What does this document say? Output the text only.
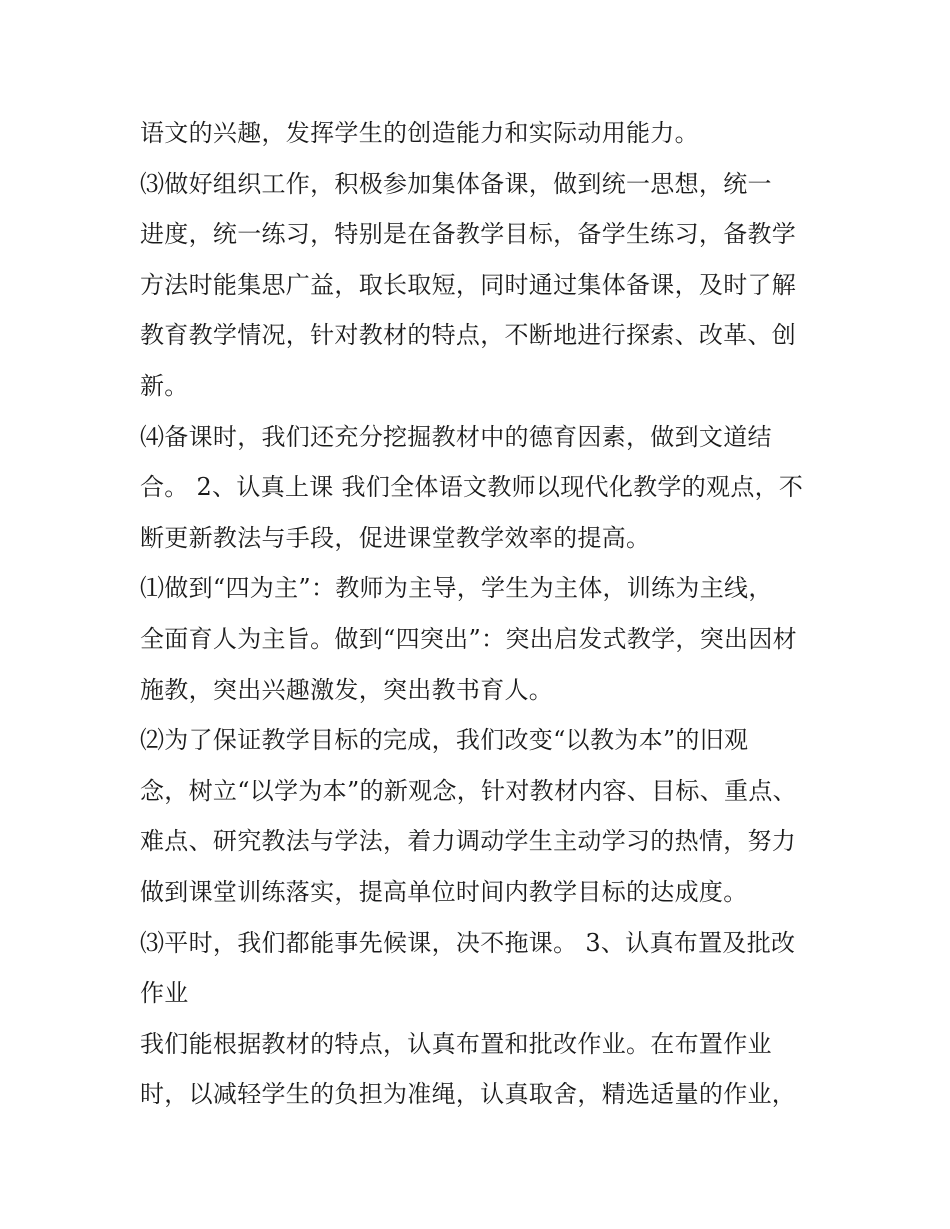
语文的兴趣，发挥学生的创造能力和实际动用能力。
⑶做好组织工作，积极参加集体备课，做到统一思想，统一
进度，统一练习，特别是在备教学目标，备学生练习，备教学
方法时能集思广益，取长取短，同时通过集体备课，及时了解
教育教学情况，针对教材的特点，不断地进行探索、改革、创
新。
⑷备课时，我们还充分挖掘教材中的德育因素，做到文道结
合。 2、认真上课 我们全体语文教师以现代化教学的观点，不
断更新教法与手段，促进课堂教学效率的提高。
⑴做到“四为主”：教师为主导，学生为主体，训练为主线，
全面育人为主旨。做到“四突出”：突出启发式教学，突出因材
施教，突出兴趣激发，突出教书育人。
⑵为了保证教学目标的完成，我们改变“以教为本”的旧观
念，树立“以学为本”的新观念，针对教材内容、目标、重点、
难点、研究教法与学法，着力调动学生主动学习的热情，努力
做到课堂训练落实，提高单位时间内教学目标的达成度。
⑶平时，我们都能事先候课，决不拖课。 3、认真布置及批改
作业
我们能根据教材的特点，认真布置和批改作业。在布置作业
时，以减轻学生的负担为准绳，认真取舍，精选适量的作业，
